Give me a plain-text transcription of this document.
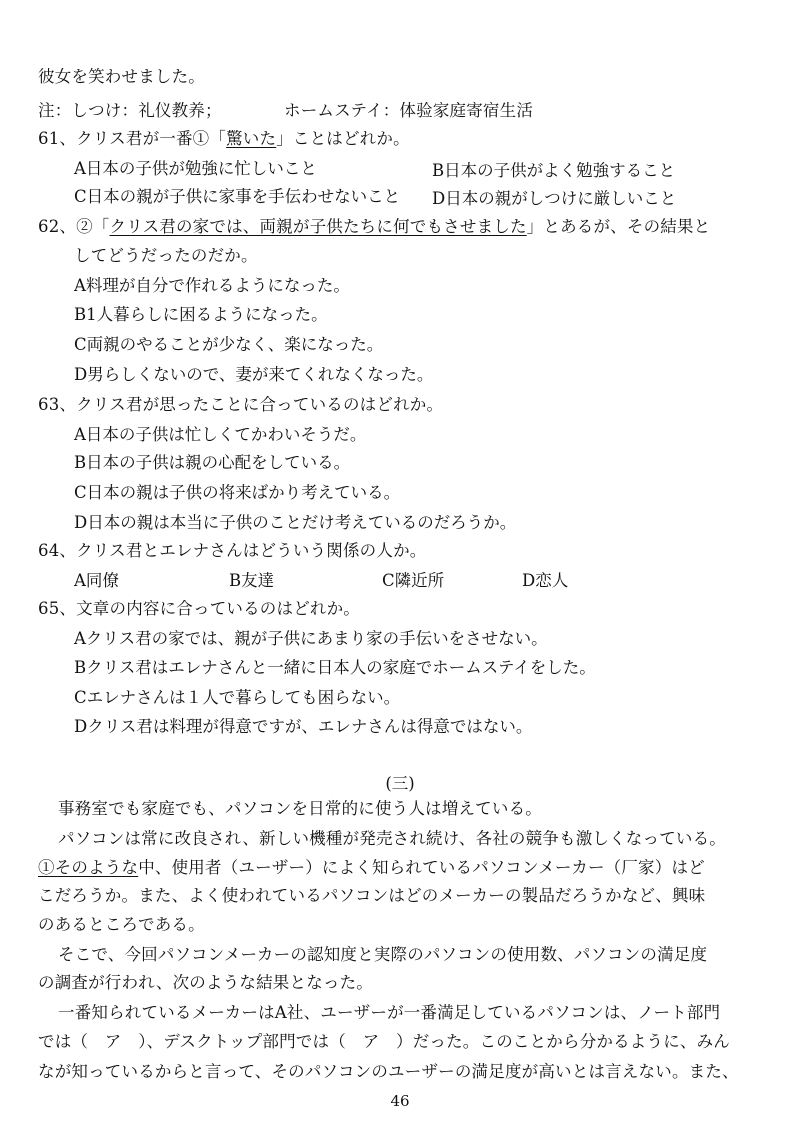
彼女を笑わせました。
注：しつけ：礼仪教养；	ホームステイ：体验家庭寄宿生活
61、クリス君が一番①「驚いた」ことはどれか。
A日本の子供が勉強に忙しいこと	B日本の子供がよく勉強すること
C日本の親が子供に家事を手伝わせないこと D日本の親がしつけに厳しいこと
62、②「クリス君の家では、両親が子供たちに何でもさせました」とあるが、その結果と
してどうだったのだか。
A料理が自分で作れるようになった。
B1人暮らしに困るようになった。
C両親のやることが少なく、楽になった。
D男らしくないので、妻が来てくれなくなった。
63、クリス君が思ったことに合っているのはどれか。
A日本の子供は忙しくてかわいそうだ。
B日本の子供は親の心配をしている。
C日本の親は子供の将来ばかり考えている。
D日本の親は本当に子供のことだけ考えているのだろうか。
64、クリス君とエレナさんはどういう関係の人か。
A同僚	B友達	C隣近所	D恋人
65、文章の内容に合っているのはどれか。
Aクリス君の家では、親が子供にあまり家の手伝いをさせない。
Bクリス君はエレナさんと一緒に日本人の家庭でホームステイをした。
Cエレナさんは１人で暮らしても困らない。
Dクリス君は料理が得意ですが、エレナさんは得意ではない。
(三)
事務室でも家庭でも、パソコンを日常的に使う人は増えている。
パソコンは常に改良され、新しい機種が発売され続け、各社の競争も激しくなっている。
①そのような中、使用者（ユーザー）によく知られているパソコンメーカー（厂家）はど
こだろうか。また、よく使われているパソコンはどのメーカーの製品だろうかなど、興味
のあるところである。
そこで、今回パソコンメーカーの認知度と実際のパソコンの使用数、パソコンの満足度
の調査が行われ、次のような結果となった。
一番知られているメーカーはA社、ユーザーが一番満足しているパソコンは、ノート部門
では（　ア　）、デスクトップ部門では（　ア　）だった。このことから分かるように、みん
なが知っているからと言って、そのパソコンのユーザーの満足度が高いとは言えない。また、
46
